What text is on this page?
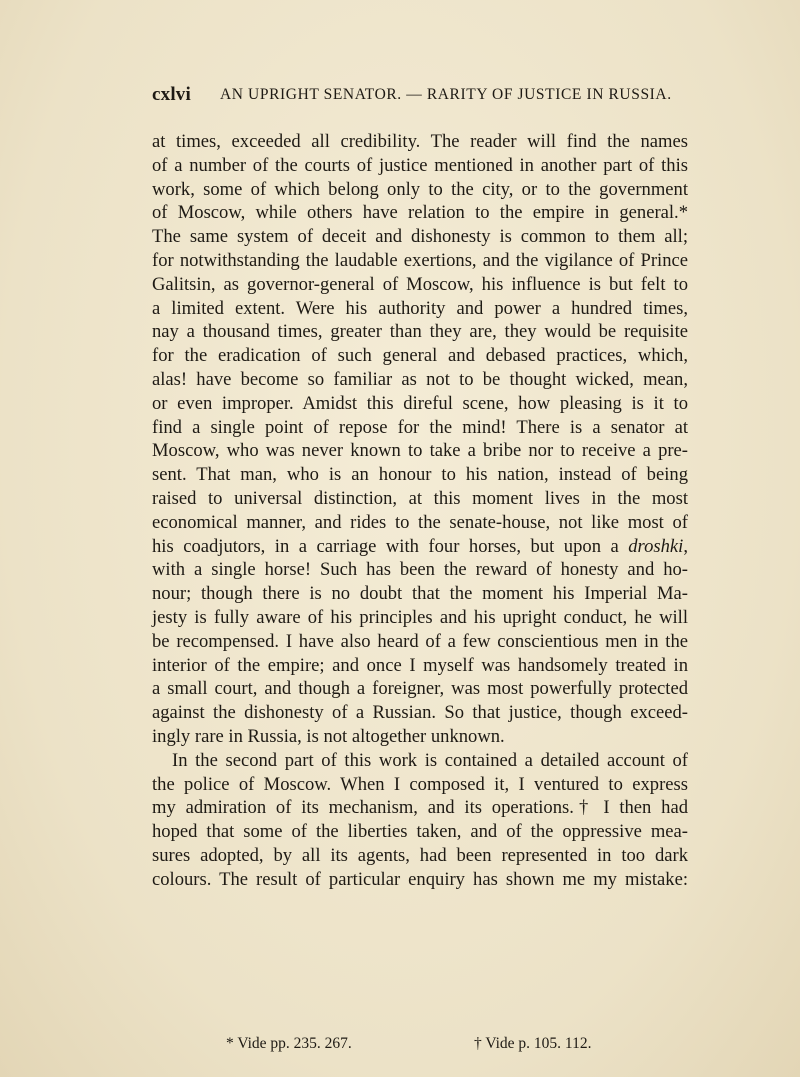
cxlvi AN UPRIGHT SENATOR. — RARITY OF JUSTICE IN RUSSIA.
at times, exceeded all credibility. The reader will find the names
of a number of the courts of justice mentioned in another part of this
work, some of which belong only to the city, or to the government
of Moscow, while others have relation to the empire in general.*
The same system of deceit and dishonesty is common to them all;
for notwithstanding the laudable exertions, and the vigilance of Prince
Galitsin, as governor-general of Moscow, his influence is but felt to
a limited extent. Were his authority and power a hundred times,
nay a thousand times, greater than they are, they would be requisite
for the eradication of such general and debased practices, which,
alas! have become so familiar as not to be thought wicked, mean,
or even improper. Amidst this direful scene, how pleasing is it to
find a single point of repose for the mind! There is a senator at
Moscow, who was never known to take a bribe nor to receive a pre-
sent. That man, who is an honour to his nation, instead of being
raised to universal distinction, at this moment lives in the most
economical manner, and rides to the senate-house, not like most of
his coadjutors, in a carriage with four horses, but upon a droshki,
with a single horse! Such has been the reward of honesty and ho-
nour; though there is no doubt that the moment his Imperial Ma-
jesty is fully aware of his principles and his upright conduct, he will
be recompensed. I have also heard of a few conscientious men in the
interior of the empire; and once I myself was handsomely treated in
a small court, and though a foreigner, was most powerfully protected
against the dishonesty of a Russian. So that justice, though exceed-
ingly rare in Russia, is not altogether unknown.
In the second part of this work is contained a detailed account of
the police of Moscow. When I composed it, I ventured to express
my admiration of its mechanism, and its operations.† I then had
hoped that some of the liberties taken, and of the oppressive mea-
sures adopted, by all its agents, had been represented in too dark
colours. The result of particular enquiry has shown me my mistake:
* Vide pp. 235. 267.	† Vide p. 105. 112.
